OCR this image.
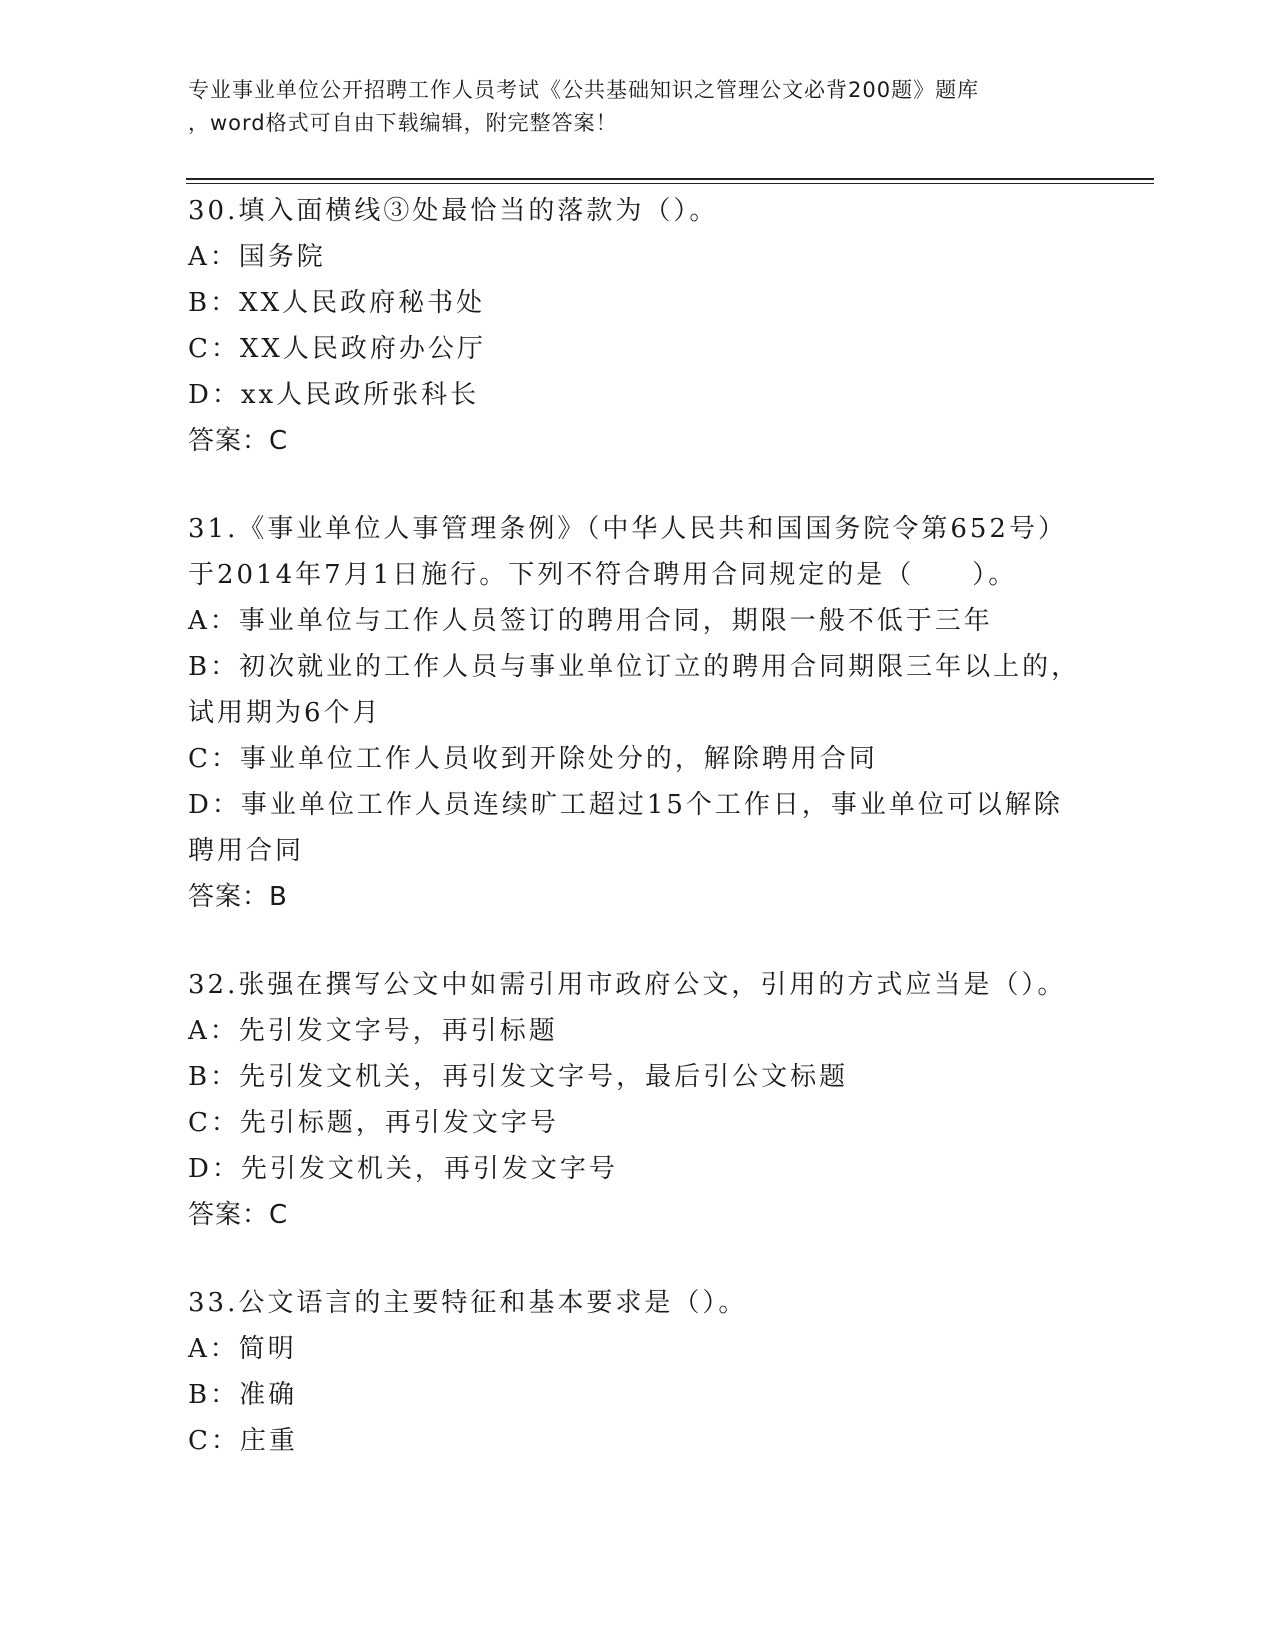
专业事业单位公开招聘工作人员考试《公共基础知识之管理公文必背200题》题库
，word格式可自由下载编辑，附完整答案！
30.填入面横线③处最恰当的落款为（）。
A：国务院
B：XX人民政府秘书处
C：XX人民政府办公厅
D：xx人民政所张科长
答案：C
31.《事业单位人事管理条例》（中华人民共和国国务院令第652号）
于2014年7月1日施行。下列不符合聘用合同规定的是（　　）。
A：事业单位与工作人员签订的聘用合同，期限一般不低于三年
B：初次就业的工作人员与事业单位订立的聘用合同期限三年以上的，
试用期为6个月
C：事业单位工作人员收到开除处分的，解除聘用合同
D：事业单位工作人员连续旷工超过15个工作日，事业单位可以解除
聘用合同
答案：B
32.张强在撰写公文中如需引用市政府公文，引用的方式应当是（）。
A：先引发文字号，再引标题
B：先引发文机关，再引发文字号，最后引公文标题
C：先引标题，再引发文字号
D：先引发文机关，再引发文字号
答案：C
33.公文语言的主要特征和基本要求是（）。
A：简明
B：准确
C：庄重
